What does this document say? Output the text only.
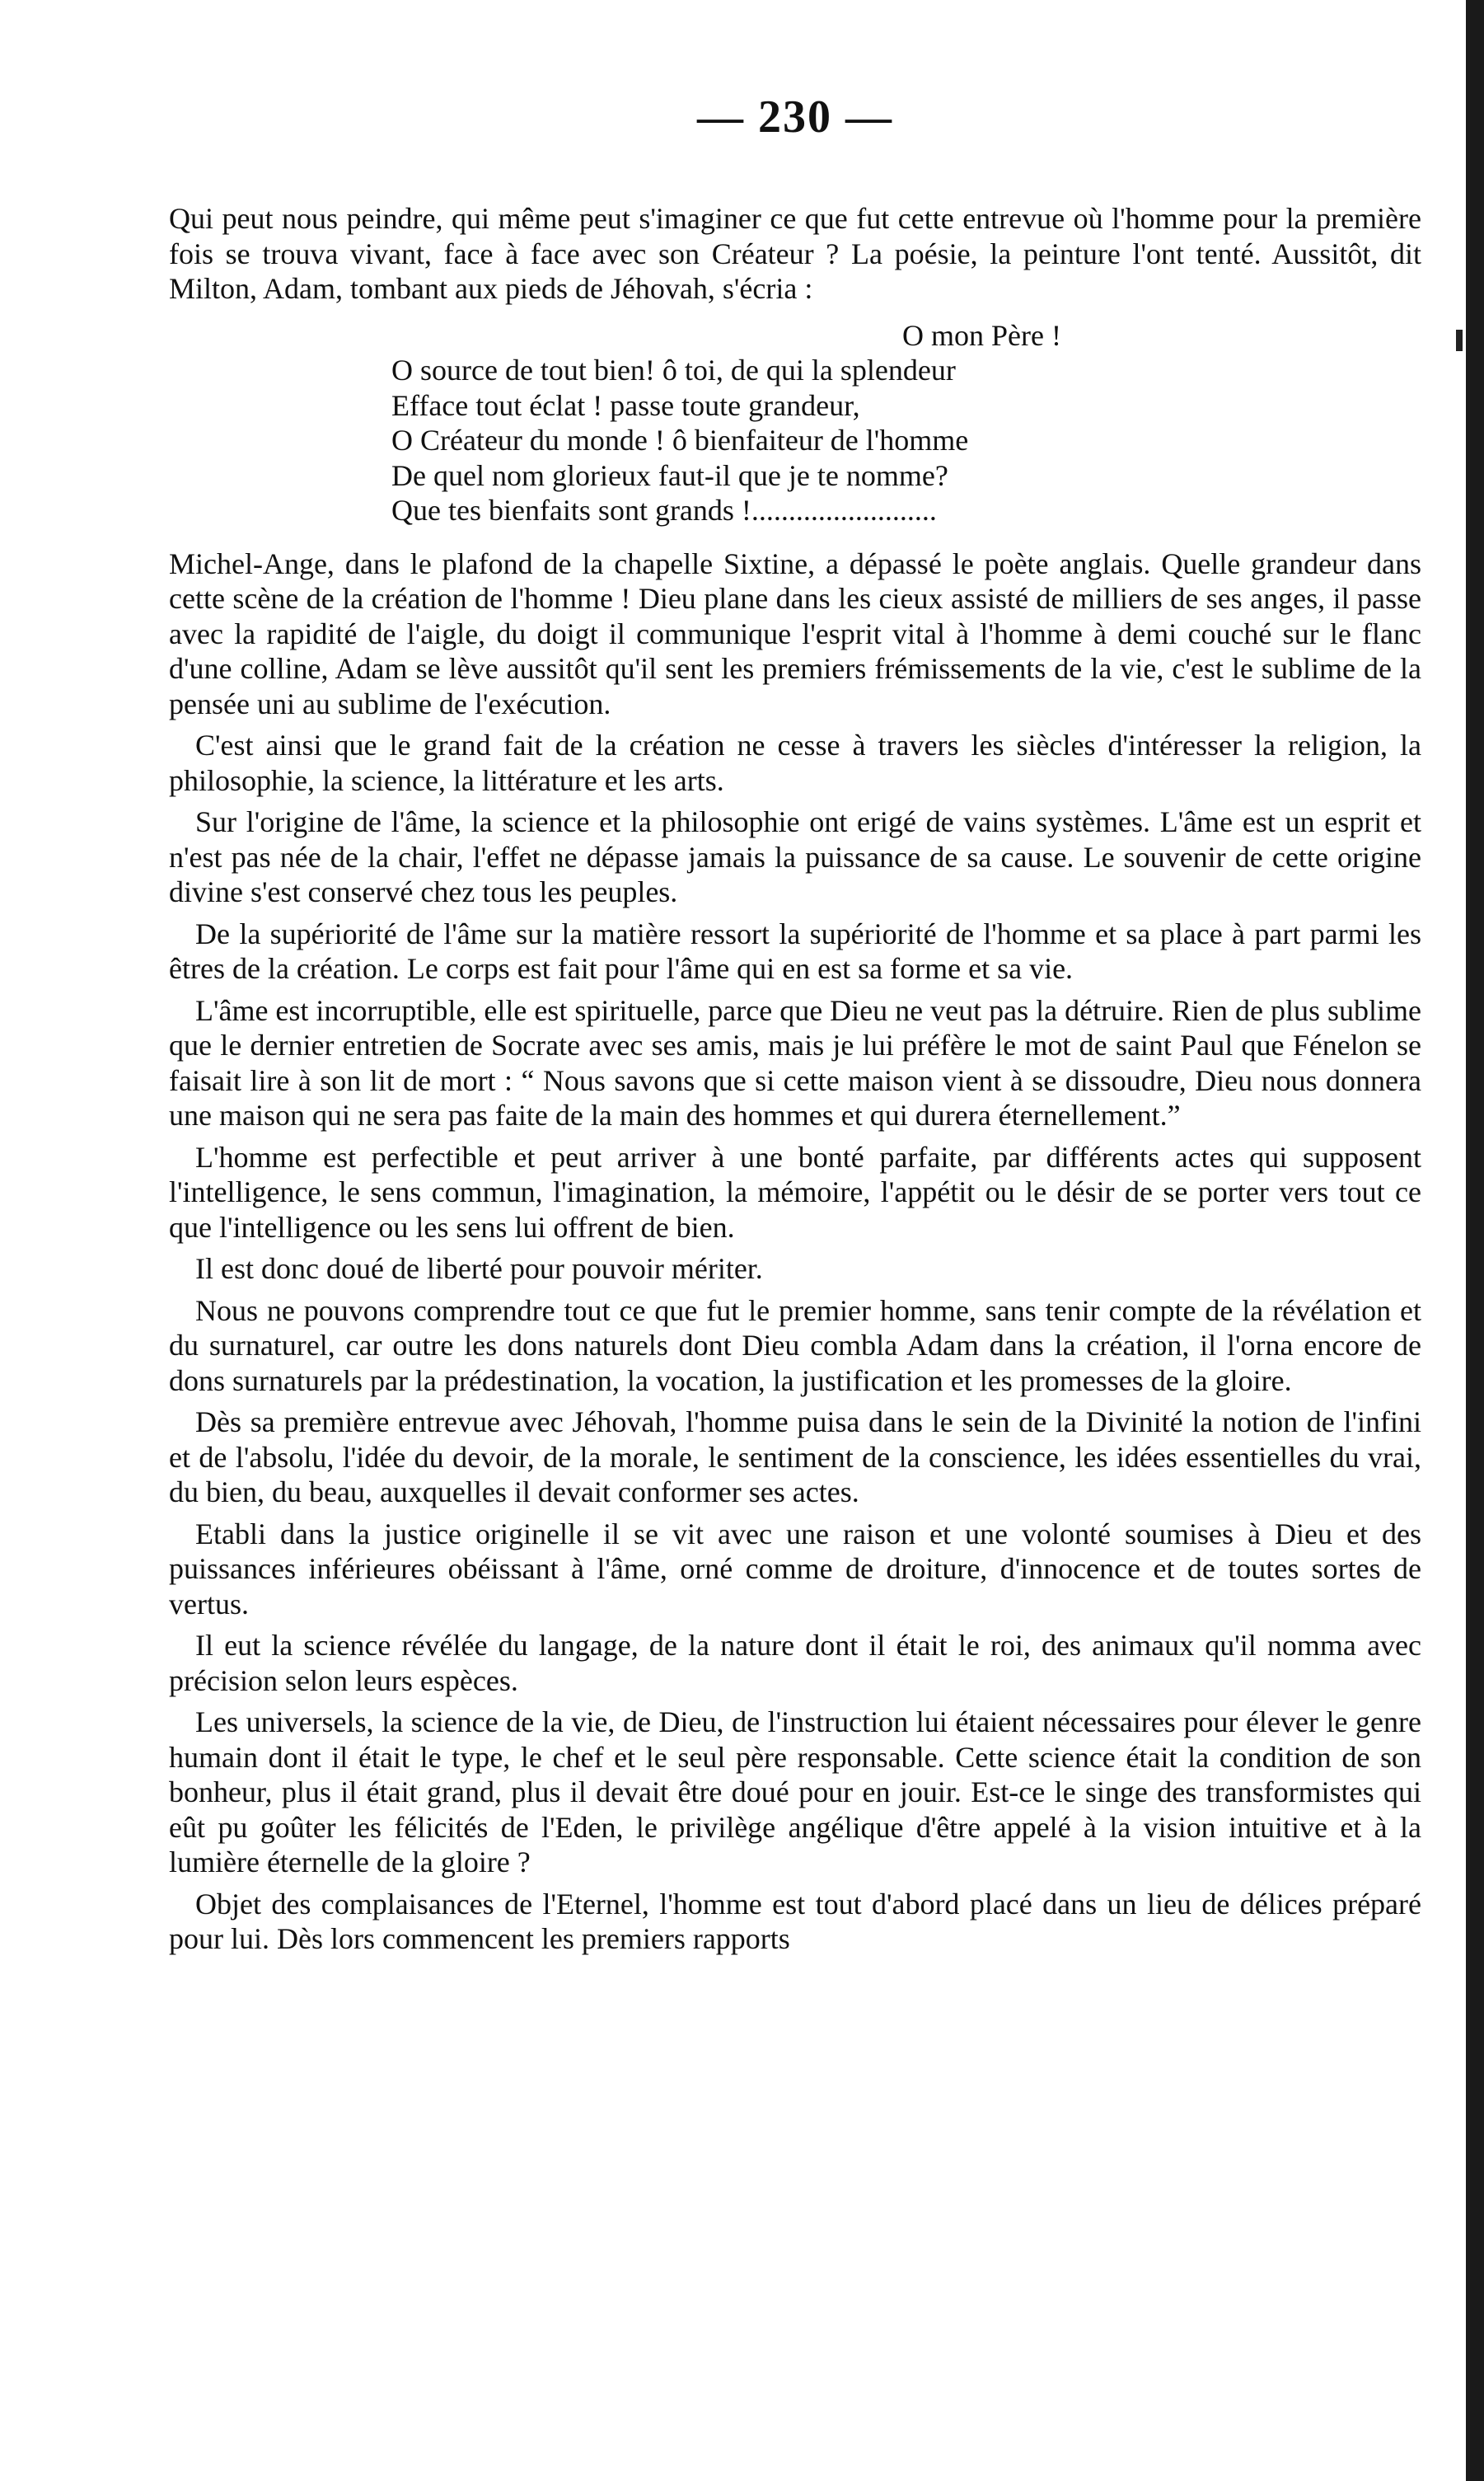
— 230 —

Qui peut nous peindre, qui même peut s'imaginer ce que fut cette entrevue où l'homme pour la première fois se trouva vivant, face à face avec son Créateur ? La poésie, la peinture l'ont tenté. Aussitôt, dit Milton, Adam, tombant aux pieds de Jéhovah, s'écria :

O mon Père !
O source de tout bien! ô toi, de qui la splendeur
Efface tout éclat ! passe toute grandeur,
O Créateur du monde ! ô bienfaiteur de l'homme
De quel nom glorieux faut-il que je te nomme?
Que tes bienfaits sont grands !.........................

Michel-Ange, dans le plafond de la chapelle Sixtine, a dépassé le poète anglais. Quelle grandeur dans cette scène de la création de l'homme ! Dieu plane dans les cieux assisté de milliers de ses anges, il passe avec la rapidité de l'aigle, du doigt il communique l'esprit vital à l'homme à demi couché sur le flanc d'une colline, Adam se lève aussitôt qu'il sent les premiers frémissements de la vie, c'est le sublime de la pensée uni au sublime de l'exécution.

C'est ainsi que le grand fait de la création ne cesse à travers les siècles d'intéresser la religion, la philosophie, la science, la littérature et les arts.

Sur l'origine de l'âme, la science et la philosophie ont erigé de vains systèmes. L'âme est un esprit et n'est pas née de la chair, l'effet ne dépasse jamais la puissance de sa cause. Le souvenir de cette origine divine s'est conservé chez tous les peuples.

De la supériorité de l'âme sur la matière ressort la supériorité de l'homme et sa place à part parmi les êtres de la création. Le corps est fait pour l'âme qui en est sa forme et sa vie.

L'âme est incorruptible, elle est spirituelle, parce que Dieu ne veut pas la détruire. Rien de plus sublime que le dernier entretien de Socrate avec ses amis, mais je lui préfère le mot de saint Paul que Fénelon se faisait lire à son lit de mort : “ Nous savons que si cette maison vient à se dissoudre, Dieu nous donnera une maison qui ne sera pas faite de la main des hommes et qui durera éternellement.”

L'homme est perfectible et peut arriver à une bonté parfaite, par différents actes qui supposent l'intelligence, le sens commun, l'imagination, la mémoire, l'appétit ou le désir de se porter vers tout ce que l'intelligence ou les sens lui offrent de bien.

Il est donc doué de liberté pour pouvoir mériter.

Nous ne pouvons comprendre tout ce que fut le premier homme, sans tenir compte de la révélation et du surnaturel, car outre les dons naturels dont Dieu combla Adam dans la création, il l'orna encore de dons surnaturels par la prédestination, la vocation, la justification et les promesses de la gloire.

Dès sa première entrevue avec Jéhovah, l'homme puisa dans le sein de la Divinité la notion de l'infini et de l'absolu, l'idée du devoir, de la morale, le sentiment de la conscience, les idées essentielles du vrai, du bien, du beau, auxquelles il devait conformer ses actes.

Etabli dans la justice originelle il se vit avec une raison et une volonté soumises à Dieu et des puissances inférieures obéissant à l'âme, orné comme de droiture, d'innocence et de toutes sortes de vertus.

Il eut la science révélée du langage, de la nature dont il était le roi, des animaux qu'il nomma avec précision selon leurs espèces.

Les universels, la science de la vie, de Dieu, de l'instruction lui étaient nécessaires pour élever le genre humain dont il était le type, le chef et le seul père responsable. Cette science était la condition de son bonheur, plus il était grand, plus il devait être doué pour en jouir. Est-ce le singe des transformistes qui eût pu goûter les félicités de l'Eden, le privilège angélique d'être appelé à la vision intuitive et à la lumière éternelle de la gloire ?

Objet des complaisances de l'Eternel, l'homme est tout d'abord placé dans un lieu de délices préparé pour lui. Dès lors commencent les premiers rapports
